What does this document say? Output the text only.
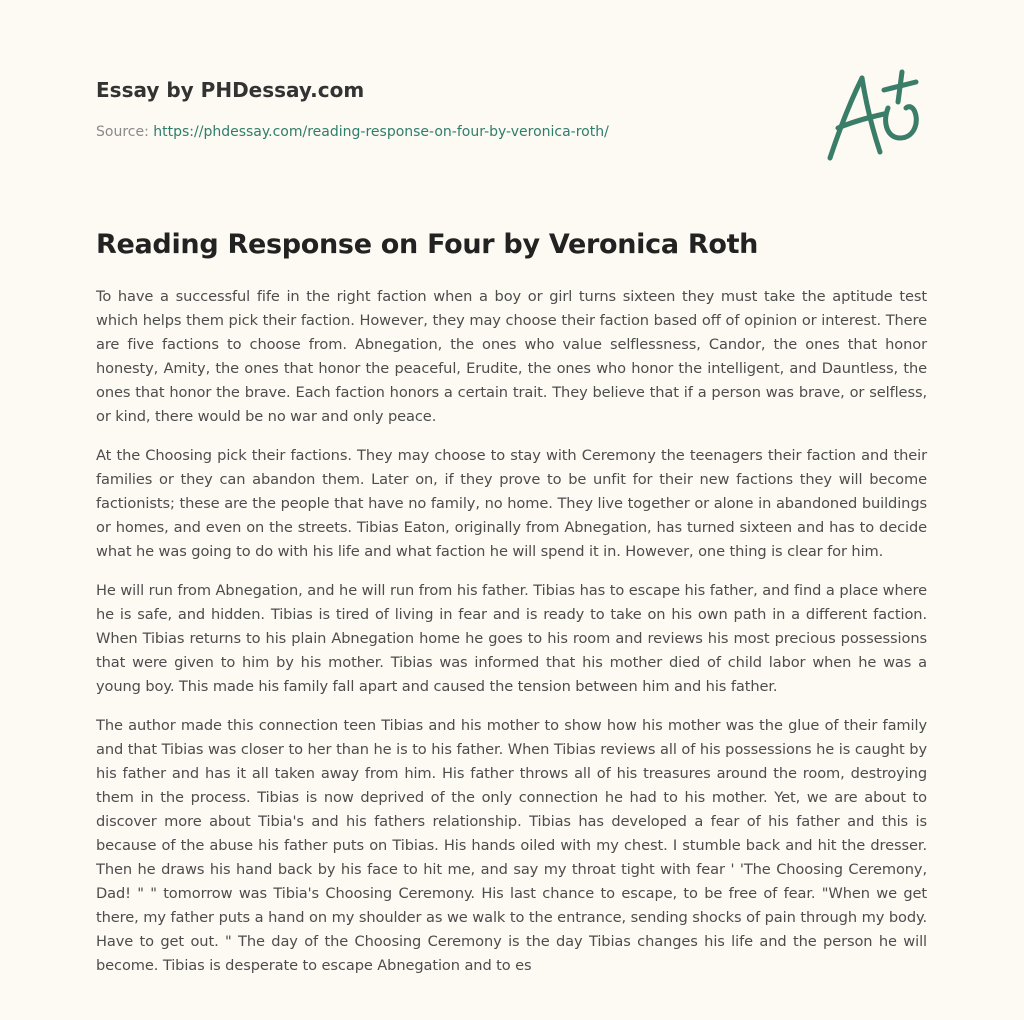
Essay by PHDessay.com
Source: https://phdessay.com/reading-response-on-four-by-veronica-roth/
Reading Response on Four by Veronica Roth

To have a successful fife in the right faction when a boy or girl turns sixteen they must take the aptitude test which helps them pick their faction. However, they may choose their faction based off of opinion or interest. There are five factions to choose from. Abnegation, the ones who value selflessness, Candor, the ones that honor honesty, Amity, the ones that honor the peaceful, Erudite, the ones who honor the intelligent, and Dauntless, the ones that honor the brave. Each faction honors a certain trait. They believe that if a person was brave, or selfless, or kind, there would be no war and only peace.

At the Choosing pick their factions. They may choose to stay with Ceremony the teenagers their faction and their families or they can abandon them. Later on, if they prove to be unfit for their new factions they will become factionists; these are the people that have no family, no home. They live together or alone in abandoned buildings or homes, and even on the streets. Tibias Eaton, originally from Abnegation, has turned sixteen and has to decide what he was going to do with his life and what faction he will spend it in. However, one thing is clear for him.

He will run from Abnegation, and he will run from his father. Tibias has to escape his father, and find a place where he is safe, and hidden. Tibias is tired of living in fear and is ready to take on his own path in a different faction. When Tibias returns to his plain Abnegation home he goes to his room and reviews his most precious possessions that were given to him by his mother. Tibias was informed that his mother died of child labor when he was a young boy. This made his family fall apart and caused the tension between him and his father.

The author made this connection teen Tibias and his mother to show how his mother was the glue of their family and that Tibias was closer to her than he is to his father. When Tibias reviews all of his possessions he is caught by his father and has it all taken away from him. His father throws all of his treasures around the room, destroying them in the process. Tibias is now deprived of the only connection he had to his mother. Yet, we are about to discover more about Tibia's and his fathers relationship. Tibias has developed a fear of his father and this is because of the abuse his father puts on Tibias. His hands oiled with my chest. I stumble back and hit the dresser. Then he draws his hand back by his face to hit me, and say my throat tight with fear ' 'The Choosing Ceremony, Dad! " " tomorrow was Tibia's Choosing Ceremony. His last chance to escape, to be free of fear. "When we get there, my father puts a hand on my shoulder as we walk to the entrance, sending shocks of pain through my body. Have to get out. " The day of the Choosing Ceremony is the day Tibias changes his life and the person he will become. Tibias is desperate to escape Abnegation and to es
